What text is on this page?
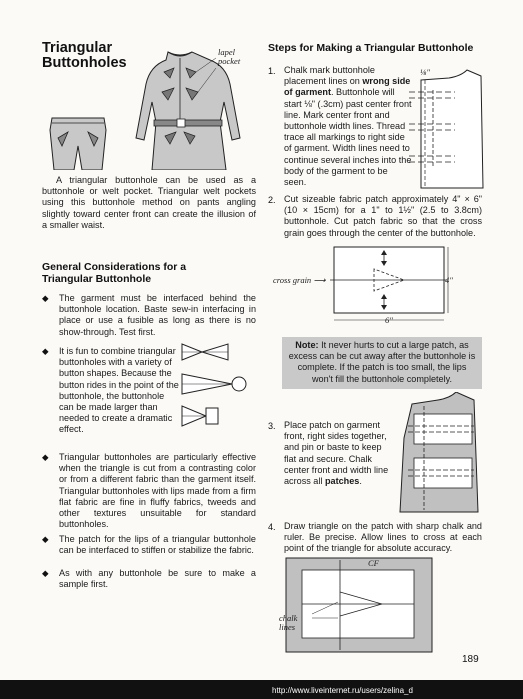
Triangular
Buttonholes
lapel
pocket
A triangular buttonhole can be used as a buttonhole or welt pocket. Triangular welt pockets using this buttonhole method on pants angling slightly toward center front can create the illusion of a smaller waist.
General Considerations for a
Triangular Buttonhole
◆ The garment must be interfaced behind the buttonhole location. Baste sew-in interfacing in place or use a fusible as long as there is no show-through. Test first.
◆ It is fun to combine triangular buttonholes with a variety of button shapes. Because the button rides in the point of the buttonhole, the buttonhole can be made larger than needed to create a dramatic effect.
◆ Triangular buttonholes are particularly effective when the triangle is cut from a contrasting color or from a different fabric than the garment itself. Triangular buttonholes with lips made from a firm flat fabric are fine in fluffy fabrics, tweeds and other textures unsuitable for standard buttonholes.
◆ The patch for the lips of a triangular buttonhole can be interfaced to stiffen or stabilize the fabric.
◆ As with any buttonhole be sure to make a sample first.
Steps for Making a Triangular Buttonhole
1. Chalk mark buttonhole placement lines on wrong side of garment. Buttonhole will start ⅛" (.3cm) past center front line. Mark center front and buttonhole width lines. Thread trace all markings to right side of garment. Width lines need to continue several inches into the body of the garment to be seen.
⅛"
2. Cut sizeable fabric patch approximately 4" × 6" (10 × 15cm) for a 1" to 1½" (2.5 to 3.8cm) buttonhole. Cut patch fabric so that the cross grain goes through the center of the buttonhole.
cross grain ⟶	4"
6"
Note: It never hurts to cut a large patch, as excess can be cut away after the buttonhole is complete. If the patch is too small, the lips won't fill the buttonhole completely.
3. Place patch on garment front, right sides together, and pin or baste to keep flat and secure. Chalk center front and width line across all patches.
4. Draw triangle on the patch with sharp chalk and ruler. Be precise. Allow lines to cross at each point of the triangle for absolute accuracy.
CF
chalk
lines
189
http://www.liveinternet.ru/users/zelina_d
